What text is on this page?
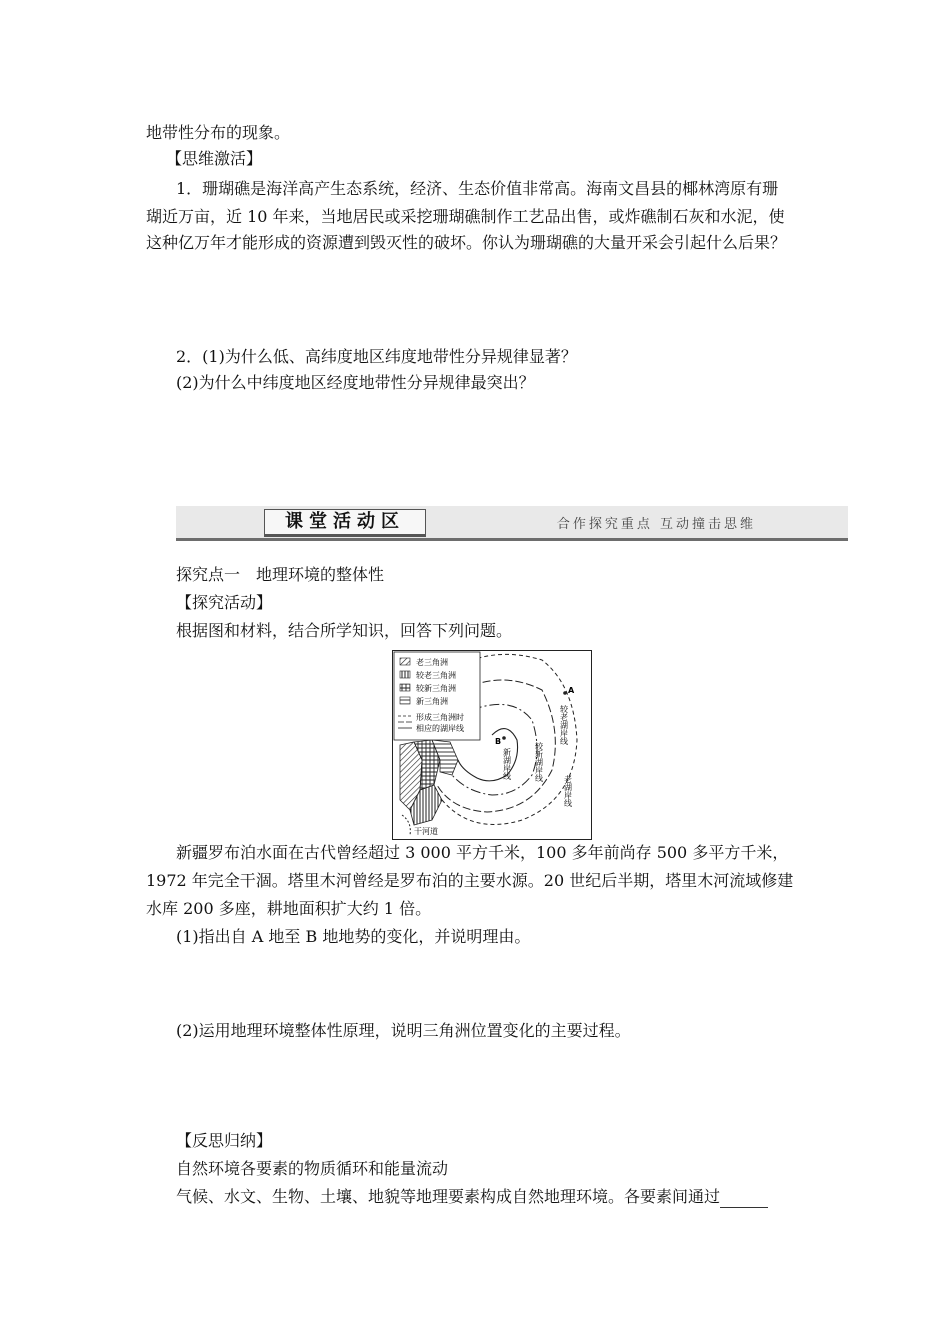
地带性分布的现象。
【思维激活】
1．珊瑚礁是海洋高产生态系统，经济、生态价值非常高。海南文昌县的椰林湾原有珊
瑚近万亩，近 10 年来，当地居民或采挖珊瑚礁制作工艺品出售，或炸礁制石灰和水泥，使
这种亿万年才能形成的资源遭到毁灭性的破坏。你认为珊瑚礁的大量开采会引起什么后果？
2．(1)为什么低、高纬度地区纬度地带性分异规律显著？
(2)为什么中纬度地区经度地带性分异规律最突出？
课堂活动区	合作探究重点 互动撞击思维
探究点一　地理环境的整体性
【探究活动】
根据图和材料，结合所学知识，回答下列问题。
老三角洲
较老三角洲
较新三角洲
新三角洲
形成三角洲时
相应的湖岸线
A
B
新湖岸线	较新湖岸线
较老湖岸线
老湖岸线
干河道
新疆罗布泊水面在古代曾经超过 3 000 平方千米，100 多年前尚存 500 多平方千米，
1972 年完全干涸。塔里木河曾经是罗布泊的主要水源。20 世纪后半期，塔里木河流域修建
水库 200 多座，耕地面积扩大约 1 倍。
(1)指出自 A 地至 B 地地势的变化，并说明理由。
(2)运用地理环境整体性原理，说明三角洲位置变化的主要过程。
【反思归纳】
自然环境各要素的物质循环和能量流动
气候、水文、生物、土壤、地貌等地理要素构成自然地理环境。各要素间通过
